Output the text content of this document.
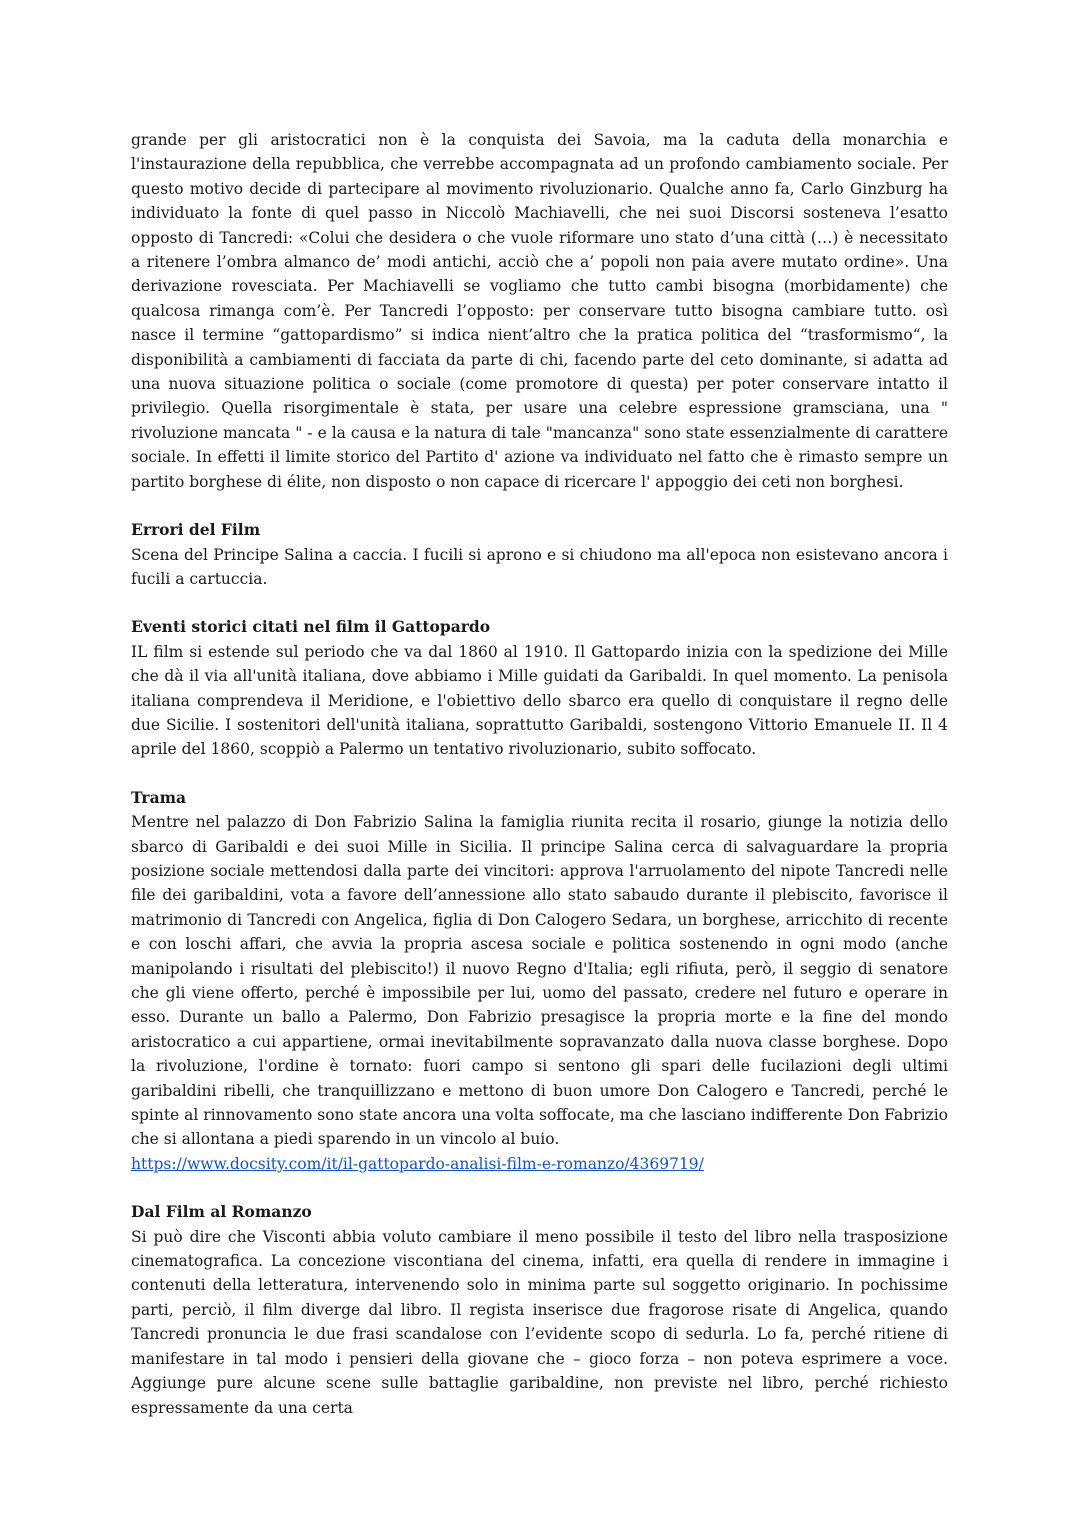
grande per gli aristocratici non è la conquista dei Savoia, ma la caduta della monarchia e l'instaurazione della repubblica, che verrebbe accompagnata ad un profondo cambiamento sociale. Per questo motivo decide di partecipare al movimento rivoluzionario. Qualche anno fa, Carlo Ginzburg ha individuato la fonte di quel passo in Niccolò Machiavelli, che nei suoi Discorsi sosteneva l’esatto opposto di Tancredi: «Colui che desidera o che vuole riformare uno stato d’una città (…) è necessitato a ritenere l’ombra almanco de’ modi antichi, acciò che a’ popoli non paia avere mutato ordine». Una derivazione rovesciata. Per Machiavelli se vogliamo che tutto cambi bisogna (morbidamente) che qualcosa rimanga com’è. Per Tancredi l’opposto: per conservare tutto bisogna cambiare tutto. osì nasce il termine “gattopardismo” si indica nient’altro che la pratica politica del “trasformismo“, la disponibilità a cambiamenti di facciata da parte di chi, facendo parte del ceto dominante, si adatta ad una nuova situazione politica o sociale (come promotore di questa) per poter conservare intatto il privilegio. Quella risorgimentale è stata, per usare una celebre espressione gramsciana, una " rivoluzione mancata " - e la causa e la natura di tale "mancanza" sono state essenzialmente di carattere sociale. In effetti il limite storico del Partito d' azione va individuato nel fatto che è rimasto sempre un partito borghese di élite, non disposto o non capace di ricercare l' appoggio dei ceti non borghesi.

Errori del Film

Scena del Principe Salina a caccia. I fucili si aprono e si chiudono ma all'epoca non esistevano ancora i fucili a cartuccia.

Eventi storici citati nel film il Gattopardo

IL film si estende sul periodo che va dal 1860 al 1910. Il Gattopardo inizia con la spedizione dei Mille che dà il via all'unità italiana, dove abbiamo i Mille guidati da Garibaldi. In quel momento. La penisola italiana comprendeva il Meridione, e l'obiettivo dello sbarco era quello di conquistare il regno delle due Sicilie. I sostenitori dell'unità italiana, soprattutto Garibaldi, sostengono Vittorio Emanuele II. Il 4 aprile del 1860, scoppiò a Palermo un tentativo rivoluzionario, subito soffocato.

Trama

Mentre nel palazzo di Don Fabrizio Salina la famiglia riunita recita il rosario, giunge la notizia dello sbarco di Garibaldi e dei suoi Mille in Sicilia. Il principe Salina cerca di salvaguardare la propria posizione sociale mettendosi dalla parte dei vincitori: approva l'arruolamento del nipote Tancredi nelle file dei garibaldini, vota a favore dell’annessione allo stato sabaudo durante il plebiscito, favorisce il matrimonio di Tancredi con Angelica, figlia di Don Calogero Sedara, un borghese, arricchito di recente e con loschi affari, che avvia la propria ascesa sociale e politica sostenendo in ogni modo (anche manipolando i risultati del plebiscito!) il nuovo Regno d'Italia; egli rifiuta, però, il seggio di senatore che gli viene offerto, perché è impossibile per lui, uomo del passato, credere nel futuro e operare in esso. Durante un ballo a Palermo, Don Fabrizio presagisce la propria morte e la fine del mondo aristocratico a cui appartiene, ormai inevitabilmente sopravanzato dalla nuova classe borghese. Dopo la rivoluzione, l'ordine è tornato: fuori campo si sentono gli spari delle fucilazioni degli ultimi garibaldini ribelli, che tranquillizzano e mettono di buon umore Don Calogero e Tancredi, perché le spinte al rinnovamento sono state ancora una volta soffocate, ma che lasciano indifferente Don Fabrizio che si allontana a piedi sparendo in un vincolo al buio.

https://www.docsity.com/it/il-gattopardo-analisi-film-e-romanzo/4369719/

Dal Film al Romanzo

Si può dire che Visconti abbia voluto cambiare il meno possibile il testo del libro nella trasposizione cinematografica. La concezione viscontiana del cinema, infatti, era quella di rendere in immagine i contenuti della letteratura, intervenendo solo in minima parte sul soggetto originario. In pochissime parti, perciò, il film diverge dal libro. Il regista inserisce due fragorose risate di Angelica, quando Tancredi pronuncia le due frasi scandalose con l’evidente scopo di sedurla. Lo fa, perché ritiene di manifestare in tal modo i pensieri della giovane che – gioco forza – non poteva esprimere a voce. Aggiunge pure alcune scene sulle battaglie garibaldine, non previste nel libro, perché richiesto espressamente da una certa
